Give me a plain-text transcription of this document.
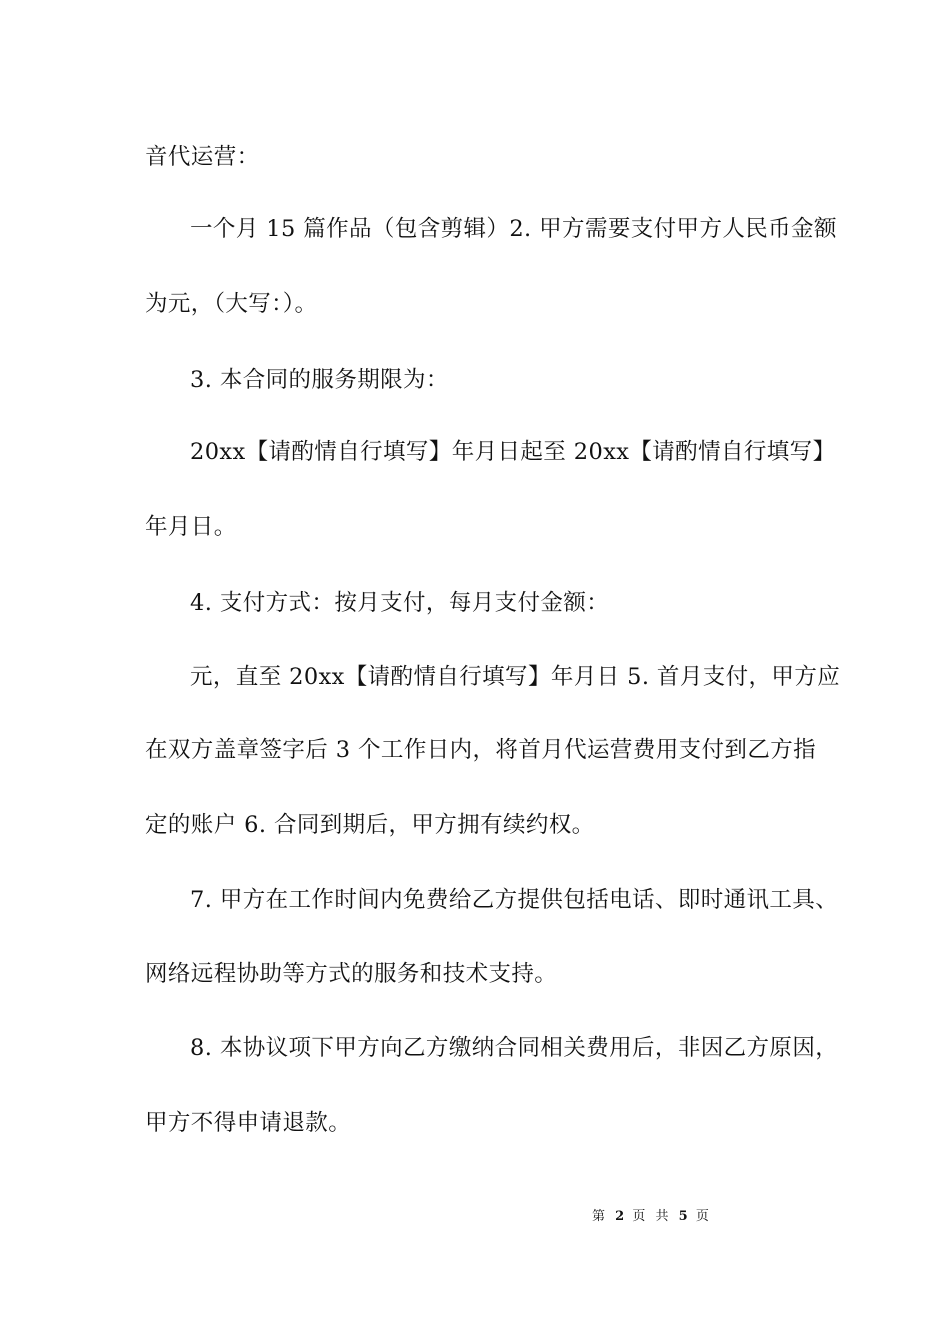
音代运营：
一个月 15 篇作品（包含剪辑）2. 甲方需要支付甲方人民币金额
为元，（大写：）。
3. 本合同的服务期限为：
20xx【请酌情自行填写】年月日起至 20xx【请酌情自行填写】
年月日。
4. 支付方式：按月支付，每月支付金额：
元，直至 20xx【请酌情自行填写】年月日 5. 首月支付，甲方应
在双方盖章签字后 3 个工作日内，将首月代运营费用支付到乙方指
定的账户 6. 合同到期后，甲方拥有续约权。
7. 甲方在工作时间内免费给乙方提供包括电话、即时通讯工具、
网络远程协助等方式的服务和技术支持。
8. 本协议项下甲方向乙方缴纳合同相关费用后，非因乙方原因，
甲方不得申请退款。
第 2 页 共 5 页
